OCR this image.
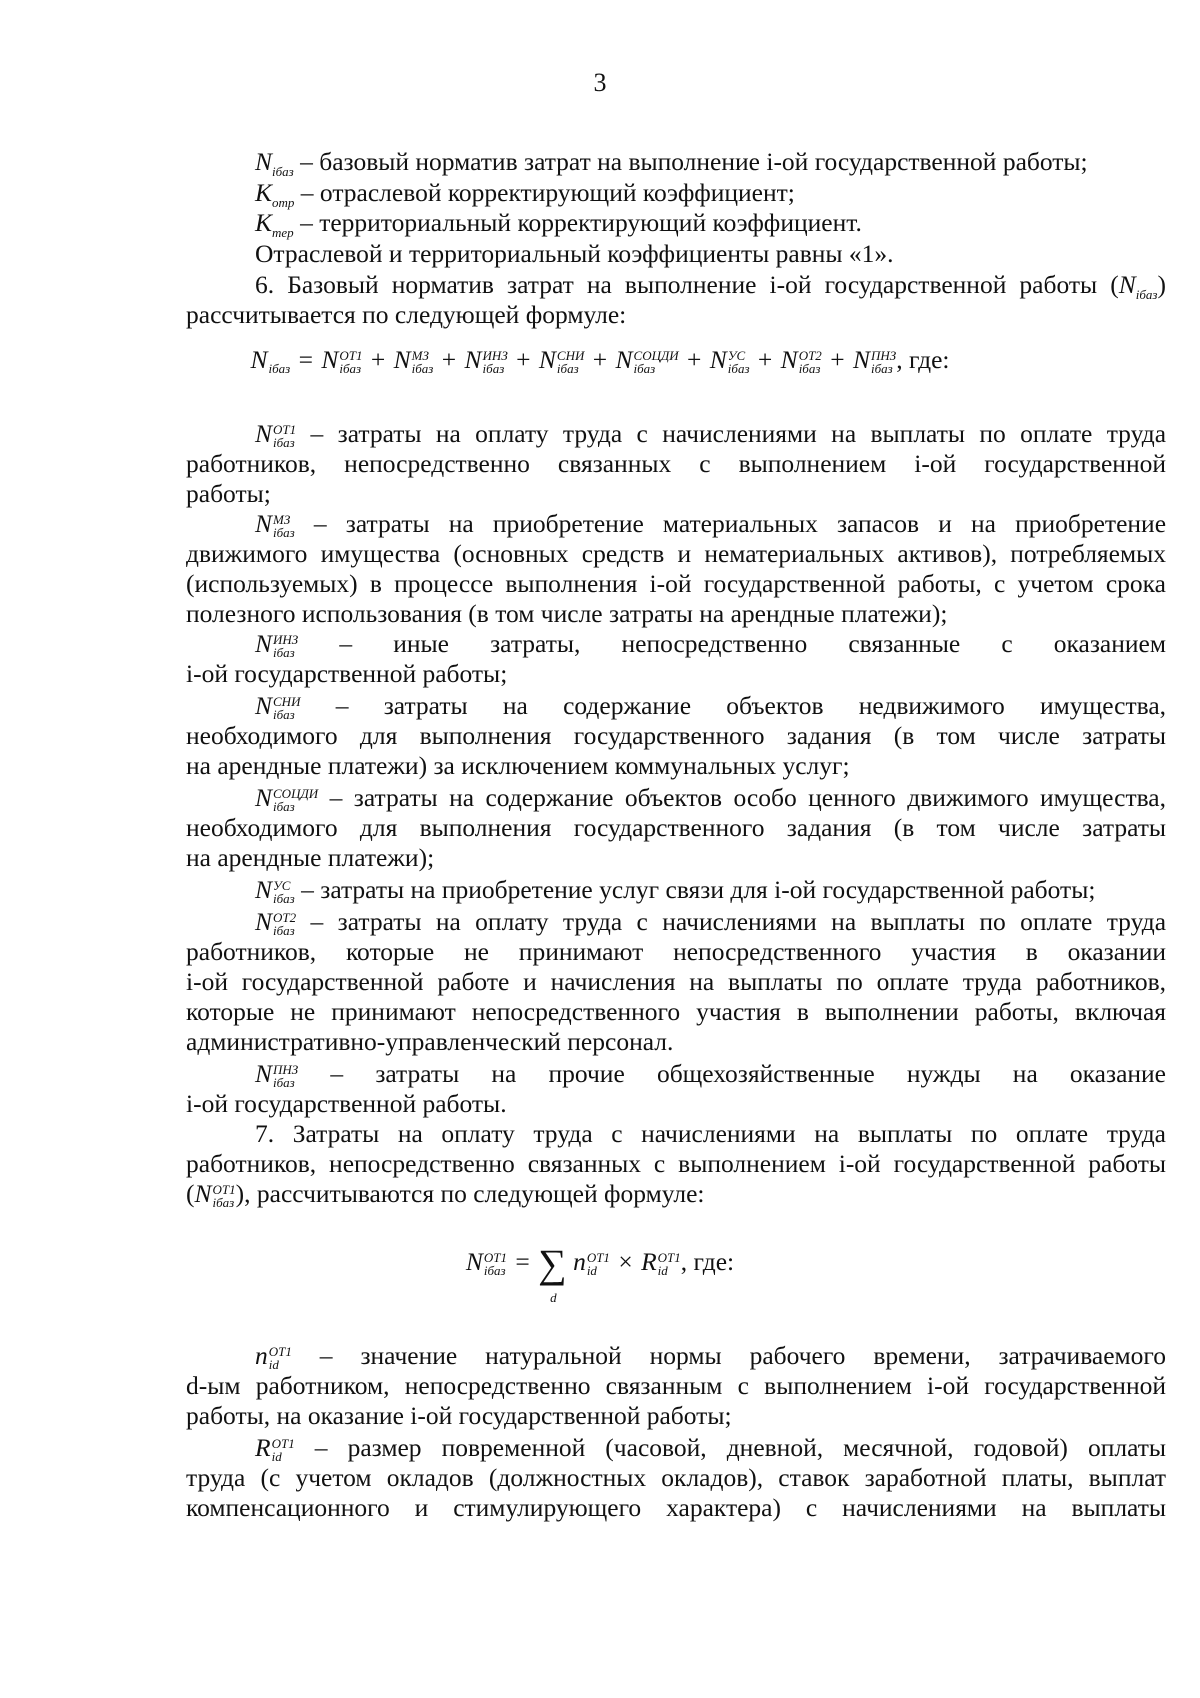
3
$N_{iбаз}$ – базовый норматив затрат на выполнение i-ой государственной работы;
$K_{отр}$ – отраслевой корректирующий коэффициент;
$K_{тер}$ – территориальный корректирующий коэффициент.
Отраслевой и территориальный коэффициенты равны «1».
6. Базовый норматив затрат на выполнение i-ой государственной работы $(N_{iбаз})$
рассчитывается по следующей формуле:
N
iбаз = N ОТ1
iбаз + N МЗ
iбаз + N ИНЗ
iбаз + N СНИ
iбаз + N СОЦДИ
iбаз	+ N УС
iбаз + N ОТ2
iбаз + N ПНЗ
iбаз , где:
N ОТ1
iбаз – затраты на оплату труда с начислениями на выплаты по оплате труда
работников, непосредственно связанных с выполнением i-ой государственной
работы;
N МЗ
iбаз – затраты на приобретение материальных запасов и на приобретение
движимого имущества (основных средств и нематериальных активов), потребляемых
(используемых) в процессе выполнения i-ой государственной работы, с учетом срока
полезного использования (в том числе затраты на арендные платежи);
N ИНЗ
iбаз – иные затраты, непосредственно связанные с оказанием
i-ой государственной работы;
N СНИ
iбаз – затраты на содержание объектов недвижимого имущества,
необходимого для выполнения государственного задания (в том числе затраты
на арендные платежи) за исключением коммунальных услуг;
N СОЦДИ
iбаз	– затраты на содержание объектов особо ценного движимого имущества,
необходимого для выполнения государственного задания (в том числе затраты
на арендные платежи);
N УС
iбаз – затраты на приобретение услуг связи для i-ой государственной работы;
N ОТ2
iбаз – затраты на оплату труда с начислениями на выплаты по оплате труда
работников, которые не принимают непосредственного участия в оказании
i-ой государственной работе и начисления на выплаты по оплате труда работников,
которые не принимают непосредственного участия в выполнении работы, включая
административно-управленческий персонал.
N ПНЗ
iбаз – затраты на прочие общехозяйственные нужды на оказание
i-ой государственной работы.
7. Затраты на оплату труда с начислениями на выплаты по оплате труда
работников, непосредственно связанных с выполнением i-ой государственной работы
(N ОТ1
iбаз ), рассчитываются по следующей формуле:
N ОТ1
iбаз = ∑
d
n ОТ1
id × R ОТ1
id , где:
n ОТ1
id	– значение натуральной нормы рабочего времени, затрачиваемого
d-ым работником, непосредственно связанным с выполнением i-ой государственной
работы, на оказание i-ой государственной работы;
R ОТ1
id	– размер повременной (часовой, дневной, месячной, годовой) оплаты
труда (с учетом окладов (должностных окладов), ставок заработной платы, выплат
компенсационного и стимулирующего характера) с начислениями на выплаты
